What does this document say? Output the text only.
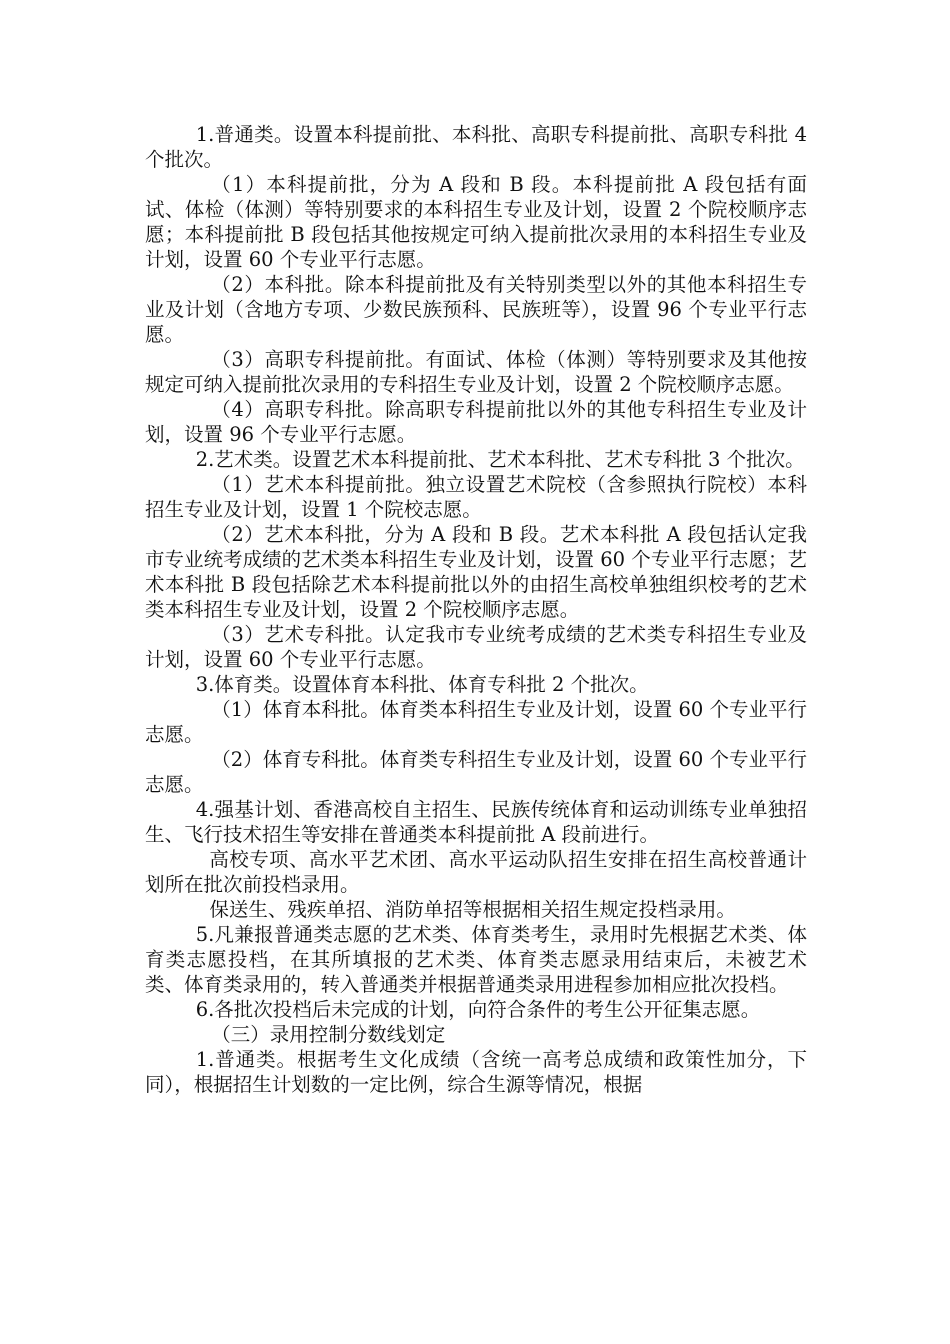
1.普通类。设置本科提前批、本科批、高职专科提前批、高职专科批 4 个批次。

（1）本科提前批，分为 A 段和 B 段。本科提前批 A 段包括有面试、体检（体测）等特别要求的本科招生专业及计划，设置 2 个院校顺序志愿；本科提前批 B 段包括其他按规定可纳入提前批次录用的本科招生专业及计划，设置 60 个专业平行志愿。

（2）本科批。除本科提前批及有关特别类型以外的其他本科招生专业及计划（含地方专项、少数民族预科、民族班等），设置 96 个专业平行志愿。

（3）高职专科提前批。有面试、体检（体测）等特别要求及其他按规定可纳入提前批次录用的专科招生专业及计划，设置 2 个院校顺序志愿。

（4）高职专科批。除高职专科提前批以外的其他专科招生专业及计划，设置 96 个专业平行志愿。

2.艺术类。设置艺术本科提前批、艺术本科批、艺术专科批 3 个批次。

（1）艺术本科提前批。独立设置艺术院校（含参照执行院校）本科招生专业及计划，设置 1 个院校志愿。

（2）艺术本科批，分为 A 段和 B 段。艺术本科批 A 段包括认定我市专业统考成绩的艺术类本科招生专业及计划，设置 60 个专业平行志愿；艺术本科批 B 段包括除艺术本科提前批以外的由招生高校单独组织校考的艺术类本科招生专业及计划，设置 2 个院校顺序志愿。

（3）艺术专科批。认定我市专业统考成绩的艺术类专科招生专业及计划，设置 60 个专业平行志愿。

3.体育类。设置体育本科批、体育专科批 2 个批次。

（1）体育本科批。体育类本科招生专业及计划，设置 60 个专业平行志愿。

（2）体育专科批。体育类专科招生专业及计划，设置 60 个专业平行志愿。

4.强基计划、香港高校自主招生、民族传统体育和运动训练专业单独招生、飞行技术招生等安排在普通类本科提前批 A 段前进行。

高校专项、高水平艺术团、高水平运动队招生安排在招生高校普通计划所在批次前投档录用。

保送生、残疾单招、消防单招等根据相关招生规定投档录用。

5.凡兼报普通类志愿的艺术类、体育类考生，录用时先根据艺术类、体育类志愿投档，在其所填报的艺术类、体育类志愿录用结束后，未被艺术类、体育类录用的，转入普通类并根据普通类录用进程参加相应批次投档。

6.各批次投档后未完成的计划，向符合条件的考生公开征集志愿。

（三）录用控制分数线划定

1.普通类。根据考生文化成绩（含统一高考总成绩和政策性加分，下同），根据招生计划数的一定比例，综合生源等情况，根据
